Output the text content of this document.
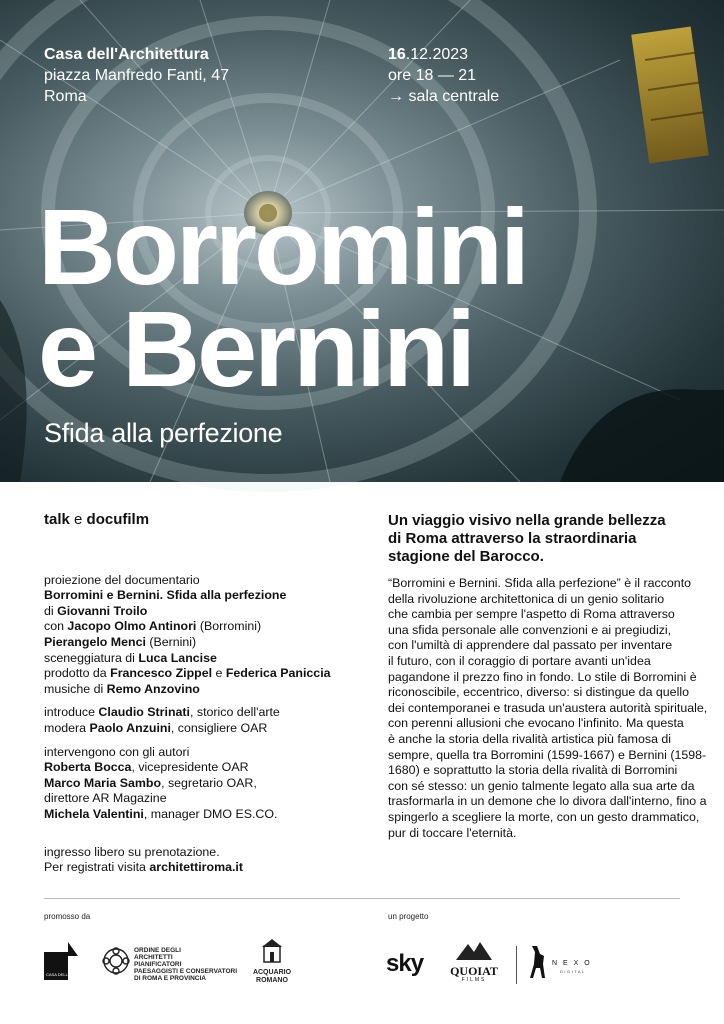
Casa dell'Architettura
piazza Manfredo Fanti, 47
Roma
16.12.2023
ore 18 — 21
→ sala centrale
Borromini
e Bernini
Sfida alla perfezione
talk e docufilm
proiezione del documentario
Borromini e Bernini. Sfida alla perfezione
di Giovanni Troilo
con Jacopo Olmo Antinori (Borromini)
Pierangelo Menci (Bernini)
sceneggiatura di Luca Lancise
prodotto da Francesco Zippel e Federica Paniccia
musiche di Remo Anzovino
introduce Claudio Strinati, storico dell'arte
modera Paolo Anzuini, consigliere OAR
intervengono con gli autori
Roberta Bocca, vicepresidente OAR
Marco Maria Sambo, segretario OAR,
direttore AR Magazine
Michela Valentini, manager DMO ES.CO.
ingresso libero su prenotazione.
Per registrati visita architettiroma.it
Un viaggio visivo nella grande bellezza
di Roma attraverso la straordinaria
stagione del Barocco.
“Borromini e Bernini. Sfida alla perfezione” è il racconto
della rivoluzione architettonica di un genio solitario
che cambia per sempre l'aspetto di Roma attraverso
una sfida personale alle convenzioni e ai pregiudizi,
con l'umiltà di apprendere dal passato per inventare
il futuro, con il coraggio di portare avanti un'idea
pagandone il prezzo fino in fondo. Lo stile di Borromini è
riconoscibile, eccentrico, diverso: si distingue da quello
dei contemporanei e trasuda un'austera autorità spirituale,
con perenni allusioni che evocano l'infinito. Ma questa
è anche la storia della rivalità artistica più famosa di
sempre, quella tra Borromini (1599-1667) e Bernini (1598-
1680) e soprattutto la storia della rivalità di Borromini
con sé stesso: un genio talmente legato alla sua arte da
trasformarla in un demone che lo divora dall'interno, fino a
spingerlo a scegliere la morte, con un gesto drammatico,
pur di toccare l'eternità.
promosso da	un progetto
CASA DELL'ARCHITETTURA
ORDINE DEGLI
ARCHITETTI
PIANIFICATORI
PAESAGGISTI E CONSERVATORI
DI ROMA E PROVINCIA
ACQUARIO
ROMANO
sky	QUOIAT
FILMS
N E X O
DIGITAL
